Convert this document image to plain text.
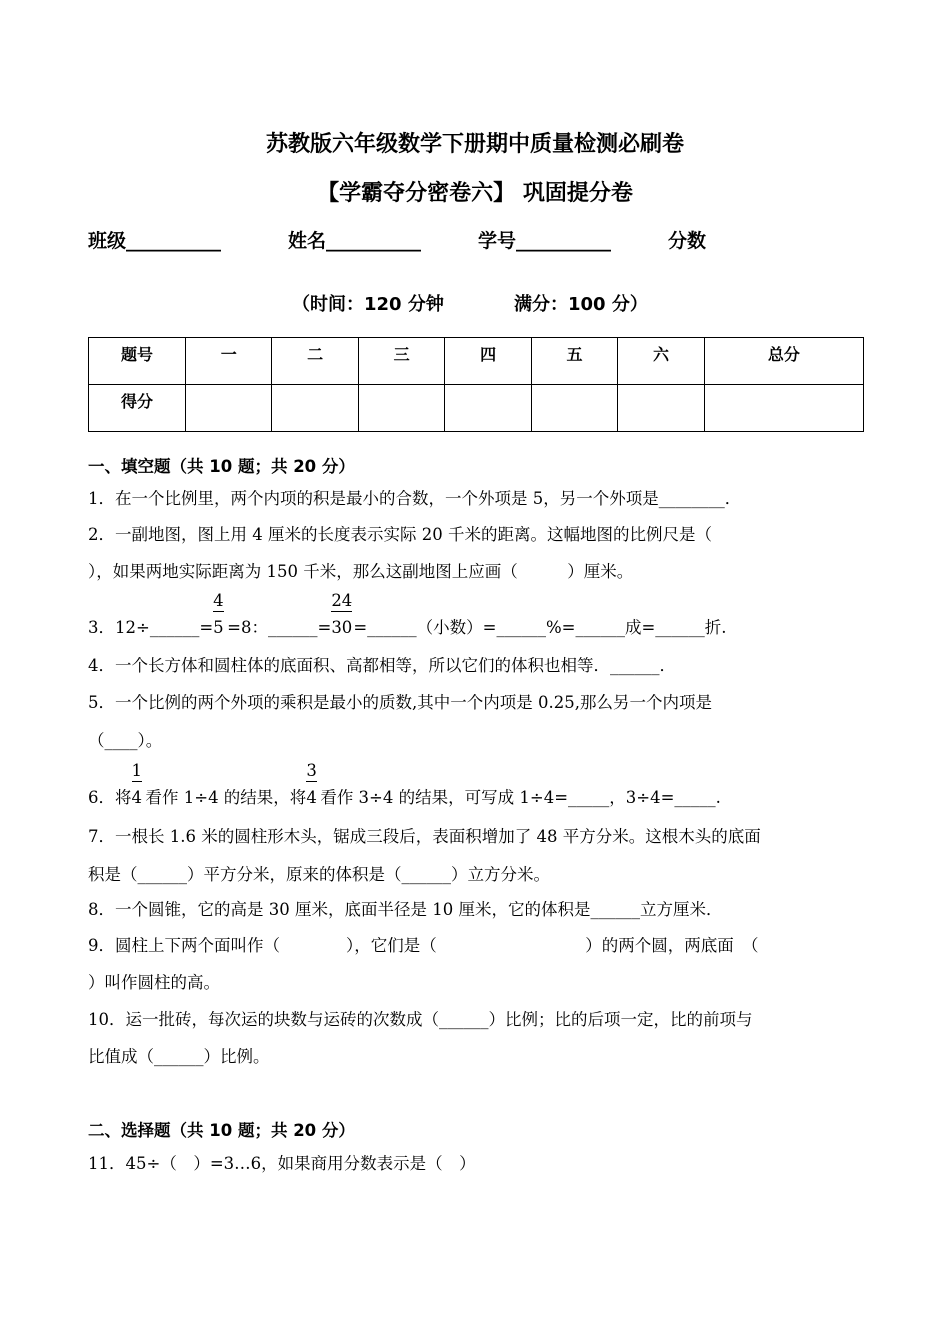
苏教版六年级数学下册期中质量检测必刷卷
【学霸夺分密卷六】 巩固提分卷
班级__________	姓名__________	学号__________	分数
（时间：120 分钟	满分：100 分）
题号	一	二	三	四	五	六	总分
得分							
一、填空题（共 10 题；共 20 分）
1．在一个比例里，两个内项的积是最小的合数，一个外项是 5，另一个外项是________．
2．一副地图，图上用 4 厘米的长度表示实际 20 千米的距离。这幅地图的比例尺是（
），如果两地实际距离为 150 千米，那么这副地图上应画（　　　）厘米。
3．12÷______= $\frac{4}{5}=8$：______= $\frac{24}{30}=\_\_\_\_\_\_$（小数）=______%=______成=______折.
4．一个长方体和圆柱体的底面积、高都相等，所以它们的体积也相等．______．
5．一个比例的两个外项的乘积是最小的质数,其中一个内项是 0.25,那么另一个内项是
（____）。
6．将 $\frac{1}{4}$看作 1÷4 的结果，将 $\frac{3}{4}$看作 3÷4 的结果，可写成 1÷4=_____，3÷4=_____.
7．一根长 1.6 米的圆柱形木头，锯成三段后，表面积增加了 48 平方分米。这根木头的底面
积是（______）平方分米，原来的体积是（______）立方分米。
8．一个圆锥，它的高是 30 厘米，底面半径是 10 厘米，它的体积是______立方厘米．
9．圆柱上下两个面叫作（　　　　），它们是（　　　　　　　　　）的两个圆，两底面　（
）叫作圆柱的高。
10．运一批砖，每次运的块数与运砖的次数成（______）比例；比的后项一定，比的前项与
比值成（______）比例。
二、选择题（共 10 题；共 20 分）
11．45÷（　）=3…6，如果商用分数表示是（　）
